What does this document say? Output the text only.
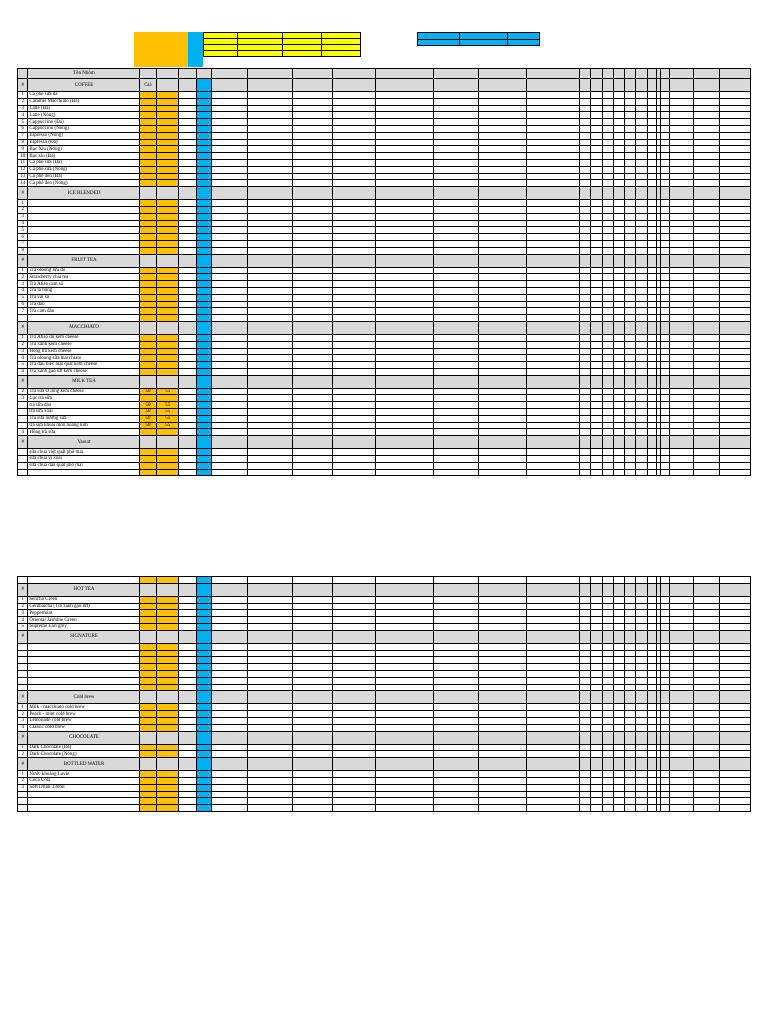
	Tên Nhóm																								
#	COFFEE	Giá																							
1	Cà phê sữa đá																								
2	Caramel Macchiato (Đá)																								
3	Latte (Đá)																								
4	Latte (Nóng)																								
5	Cappuccino (Đá)																								
6	Cappuccino (Nóng)																								
7	Espresso (Nóng)																								
8	Espresso (Đá)																								
9	Bạc Xỉu (Nóng)																								
10	Bạc xỉu (Đá)																								
11	Cà phê sữa (Đá)																								
12	Cà phê sữa (Nóng)																								
13	Cà phê đen (Đá)																								
14	Cà phê đen (Nóng)																								
#	ICE BLENDED																								
1																									
2																									
3																									
4																									
5																									
6																									
7																									
8																									
#	FRUIT TEA																								
1	Trà oloong lựu đỏ																								
2	Strawberry chia tea																								
3	Trà Atiso cam sả																								
4	Trà lá bông																								
5	Trà vải sả																								
6	Trà đào																								
7	Trà cam đào																								

#	MACCHIATO																								
1	Trà Atiso đỏ kem cheese																								
2	Trà xanh kem cheese																								
3	Hồng trà kem cheese																								
4	Trà oloong sữa macchiato																								
5	Trà đậu biếc mật quất kem cheese																								
6	Trà xanh gạo lứt kem cheese																								
#	MILK TEA																								
2	Trà sữa Ô long kem cheese	50	55																						
3	Lục trà sữa																								
	trà sữa dâu	50	55																						
	trà sữa xoài	50	55																						
	Trà sữa nướng sữa	50	55																						
	trà sữa khoai môn hoàng kim	50	55																						
4	Hồng trà sữa																								
#	Yaourt																								
	sữa chua việt quất phô mai																								
	sữa chua vị xoài																								
	sữa chua dâu quất phô mai																								

#	HOT TEA																								
1	Sencha Green																								
2	Genmaicha (Trà xanh gạo lứt)																								
3	Peppermint																								
4	Oriental Jasmine Green																								
5	Supreme Earl grey																								
#	SIGNATURE																								

#	Cold brew																								
1	Milk - macchiato cold brew																								
2	Peach - mint cold brew																								
3	Lemonade cold brew																								
4	Classic cold brew																								
#	CHOCOLATE																								
1	Dark Chocolate (Đá)																								
2	Dark Chocolate (Nóng)																								
#	BOTTLED WATER																								
1	Nước khoáng Lavie																								
2	Coca Cola																								
3	Soft Drink 330ml																								
